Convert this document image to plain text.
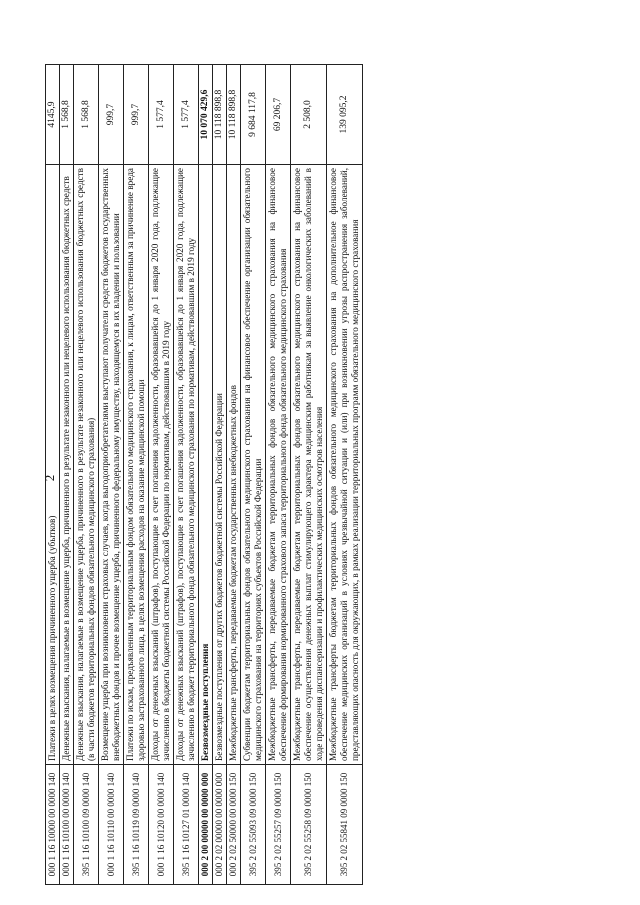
2
000 1 16 10000 00 0000 140	Платежи в целях возмещения причиненного ущерба (убытков)	4145,9
000 1 16 10100 00 0000 140	Денежные взыскания, налагаемые в возмещение ущерба, причиненного в результате незаконного или нецелевого использования бюджетных средств	1 568,8
395 1 16 10100 09 0000 140	Денежные взыскания, налагаемые в возмещение ущерба, причиненного в результате незаконного или нецелевого использования бюджетных средств (в части бюджетов территориальных фондов обязательного медицинского страхования)	1 568,8
000 1 16 10110 00 0000 140	Возмещение ущерба при возникновении страховых случаев, когда выгодоприобретателями выступают получатели средств бюджетов государственных внебюджетных фондов и прочее возмещение ущерба, причиненного федеральному имуществу, находящемуся в их владении и пользовании	999,7
395 1 16 10119 09 0000 140	Платежи по искам, предъявленным территориальным фондом обязательного медицинского страхования, к лицам, ответственным за причинение вреда здоровью застрахованного лица, в целях возмещения расходов на оказание медицинской помощи	999,7
000 1 16 10120 00 0000 140	Доходы от денежных взысканий (штрафов), поступающие в счет погашения задолженности, образовавшейся до 1 января 2020 года, подлежащие зачислению в бюджеты бюджетной системы Российской Федерации по нормативам, действовавшим в 2019 году	1 577,4
395 1 16 10127 01 0000 140	Доходы от денежных взысканий (штрафов), поступающие в счет погашения задолженности, образовавшейся до 1 января 2020 года, подлежащие зачислению в бюджет территориального фонда обязательного медицинского страхования по нормативам, действовавшим в 2019 году	1 577,4
000 2 00 00000 00 0000 000	Безвозмездные поступления	10 070 429,6
000 2 02 00000 00 0000 000	Безвозмездные поступления от других бюджетов бюджетной системы Российской Федерации	10 118 898,8
000 2 02 50000 00 0000 150	Межбюджетные трансферты, передаваемые бюджетам государственных внебюджетных фондов	10 118 898,8
395 2 02 55093 09 0000 150	Субвенции бюджетам территориальных фондов обязательного медицинского страхования на финансовое обеспечение организации обязательного медицинского страхования на территориях субъектов Российской Федерации	9 684 117,8
395 2 02 55257 09 0000 150	Межбюджетные трансферты, передаваемые бюджетам территориальных фондов обязательного медицинского страхования на финансовое обеспечение формирования нормированного страхового запаса территориального фонда обязательного медицинского страхования	69 206,7
395 2 02 55258 09 0000 150	Межбюджетные трансферты, передаваемые бюджетам территориальных фондов обязательного медицинского страхования на финансовое обеспечение осуществления денежных выплат стимулирующего характера медицинским работникам за выявление онкологических заболеваний в ходе проведения диспансеризации и профилактических медицинских осмотров населения	2 508,0
395 2 02 55841 09 0000 150	Межбюджетные трансферты бюджетам территориальных фондов обязательного медицинского страхования на дополнительное финансовое обеспечение медицинских организаций в условиях чрезвычайной ситуации и (или) при возникновении угрозы распространения заболеваний, представляющих опасность для окружающих, в рамках реализации территориальных программ обязательного медицинского страхования	139 095,2
